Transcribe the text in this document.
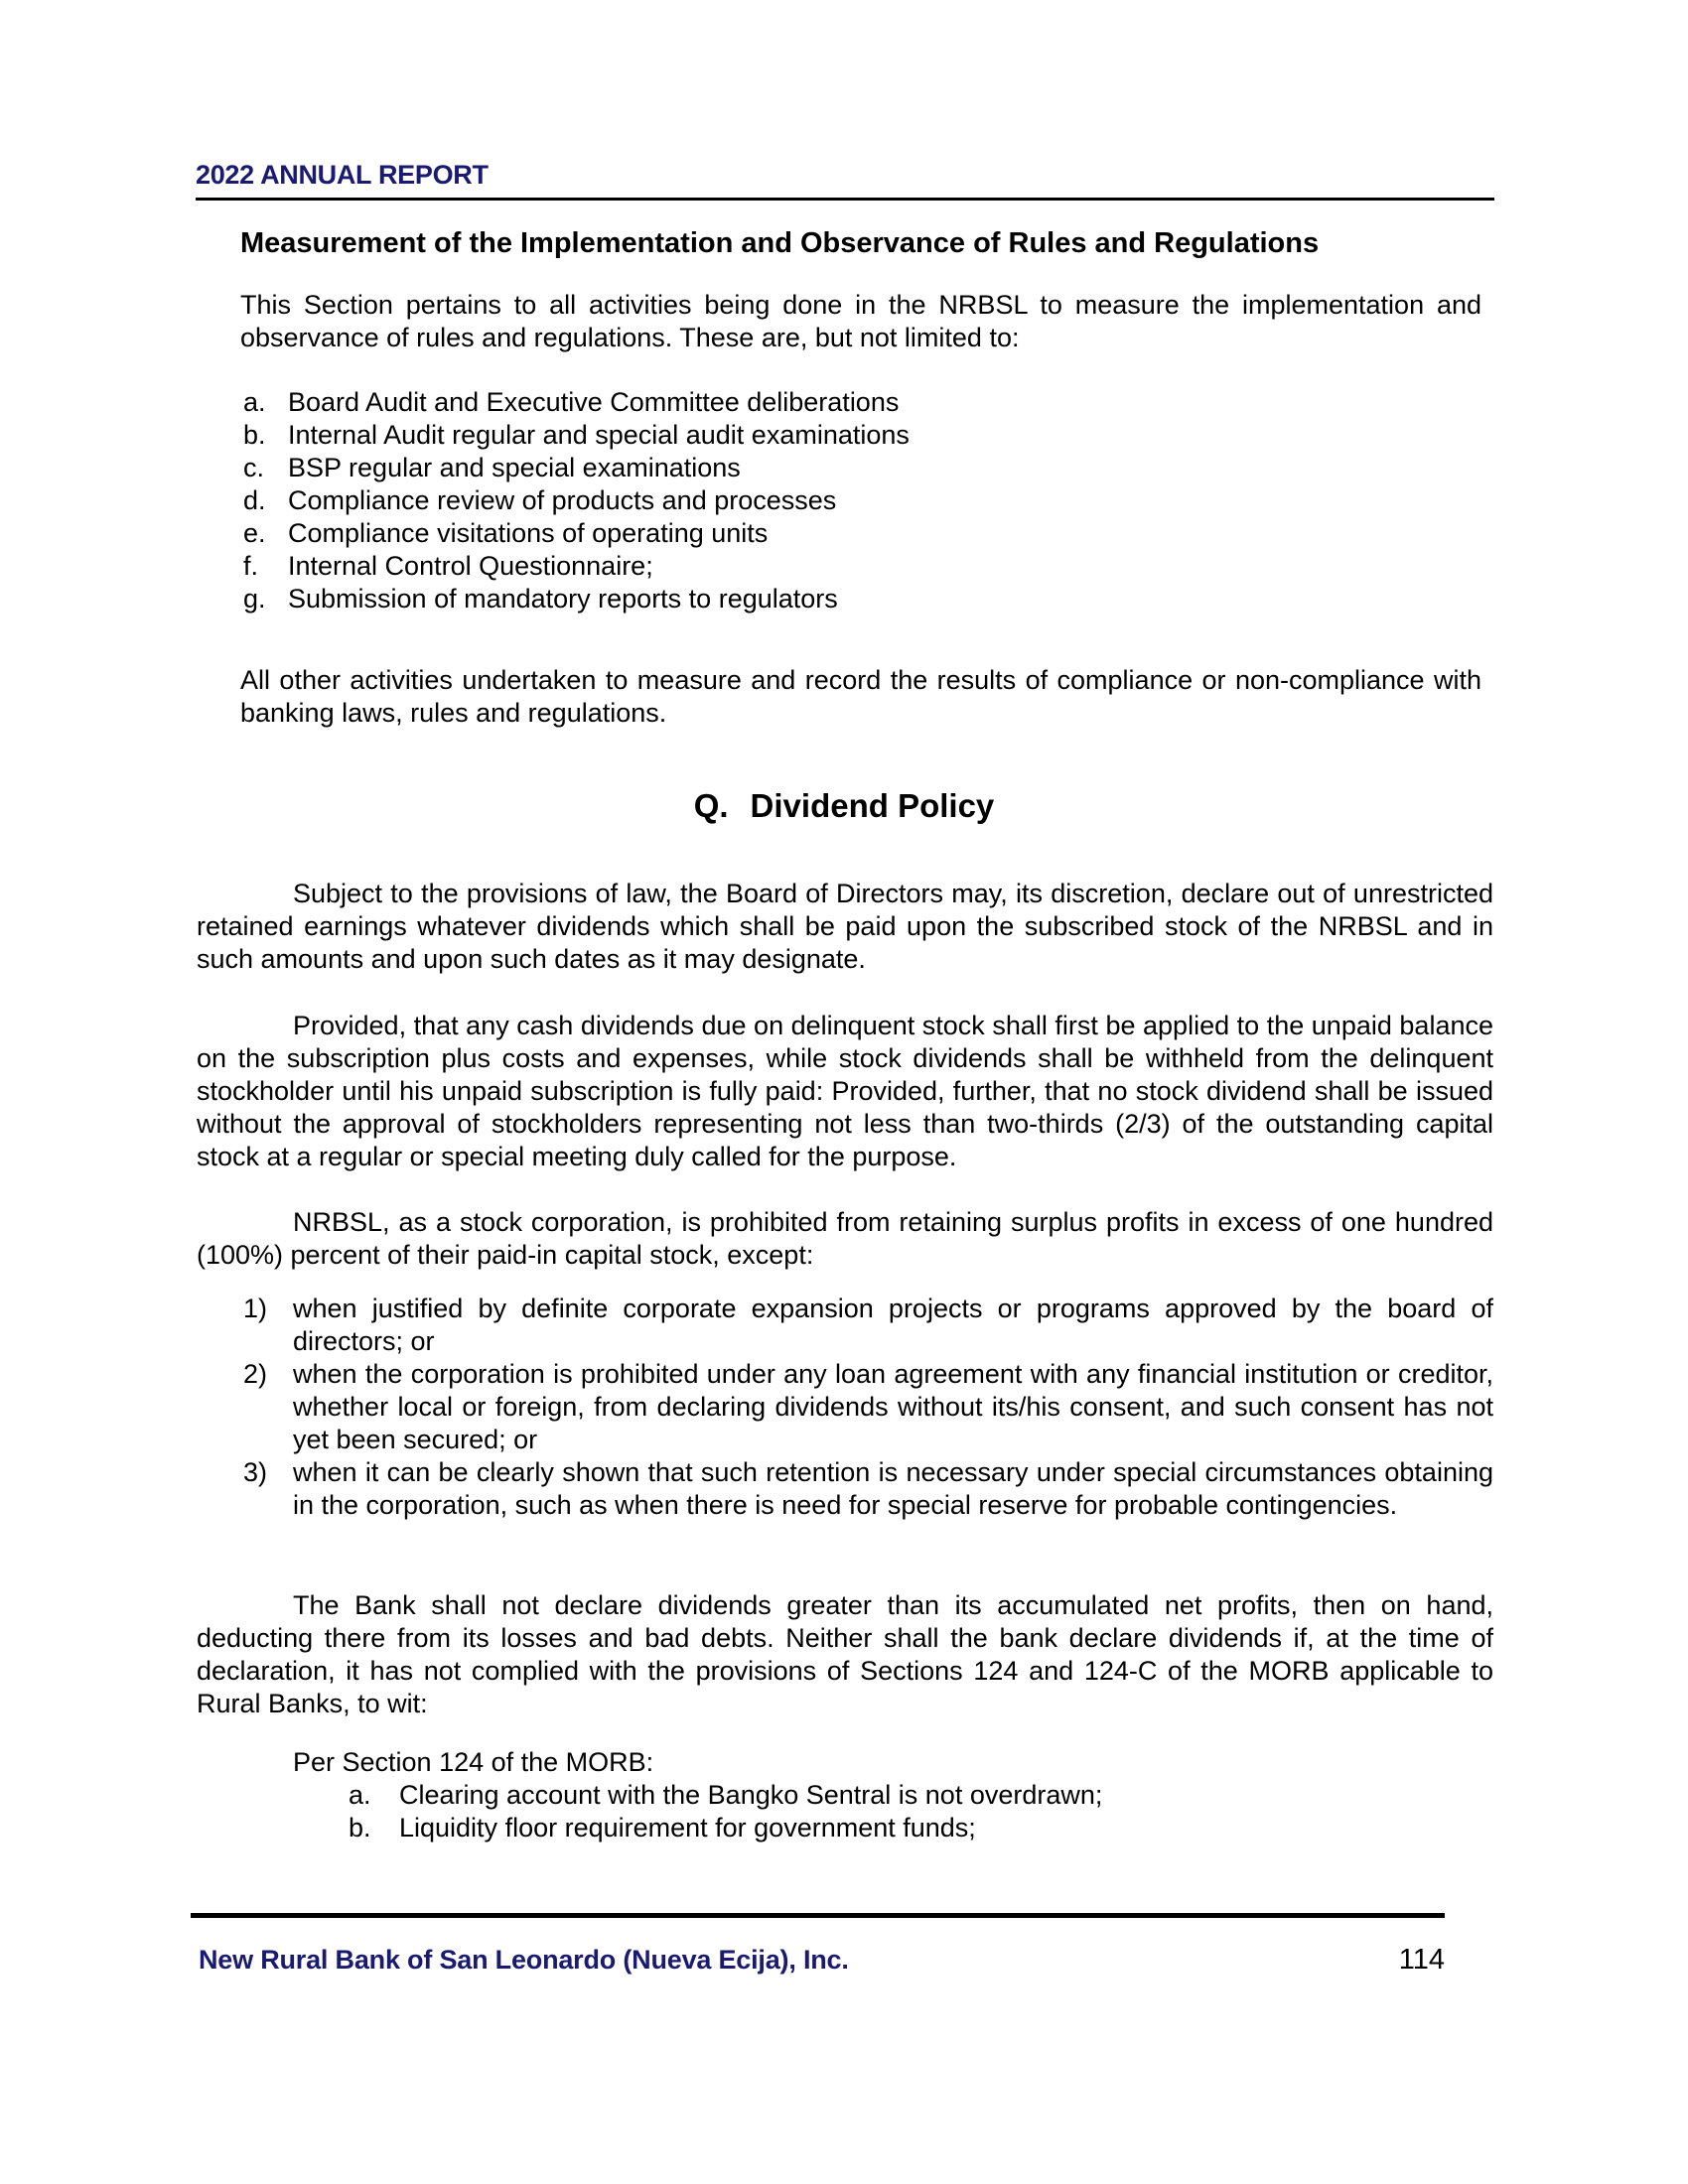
2022 ANNUAL REPORT
Measurement of the Implementation and Observance of Rules and Regulations

This Section pertains to all activities being done in the NRBSL to measure the implementation and observance of rules and regulations. These are, but not limited to:

a. Board Audit and Executive Committee deliberations
b. Internal Audit regular and special audit examinations
c. BSP regular and special examinations
d. Compliance review of products and processes
e. Compliance visitations of operating units
f.	Internal Control Questionnaire;
g. Submission of mandatory reports to regulators

All other activities undertaken to measure and record the results of compliance or non-compliance with banking laws, rules and regulations.

Q. Dividend Policy

Subject to the provisions of law, the Board of Directors may, its discretion, declare out of unrestricted retained earnings whatever dividends which shall be paid upon the subscribed stock of the NRBSL and in such amounts and upon such dates as it may designate.

Provided, that any cash dividends due on delinquent stock shall first be applied to the unpaid balance on the subscription plus costs and expenses, while stock dividends shall be withheld from the delinquent stockholder until his unpaid subscription is fully paid: Provided, further, that no stock dividend shall be issued without the approval of stockholders representing not less than two-thirds (2/3) of the outstanding capital stock at a regular or special meeting duly called for the purpose.

NRBSL, as a stock corporation, is prohibited from retaining surplus profits in excess of one hundred (100%) percent of their paid-in capital stock, except:

1) when justified by definite corporate expansion projects or programs approved by the board of directors; or
2) when the corporation is prohibited under any loan agreement with any financial institution or creditor, whether local or foreign, from declaring dividends without its/his consent, and such consent has not yet been secured; or
3) when it can be clearly shown that such retention is necessary under special circumstances obtaining in the corporation, such as when there is need for special reserve for probable contingencies.

The Bank shall not declare dividends greater than its accumulated net profits, then on hand, deducting there from its losses and bad debts. Neither shall the bank declare dividends if, at the time of declaration, it has not complied with the provisions of Sections 124 and 124-C of the MORB applicable to Rural Banks, to wit:

Per Section 124 of the MORB:
a.	Clearing account with the Bangko Sentral is not overdrawn;
b.	Liquidity floor requirement for government funds;
New Rural Bank of San Leonardo (Nueva Ecija), Inc.	114
